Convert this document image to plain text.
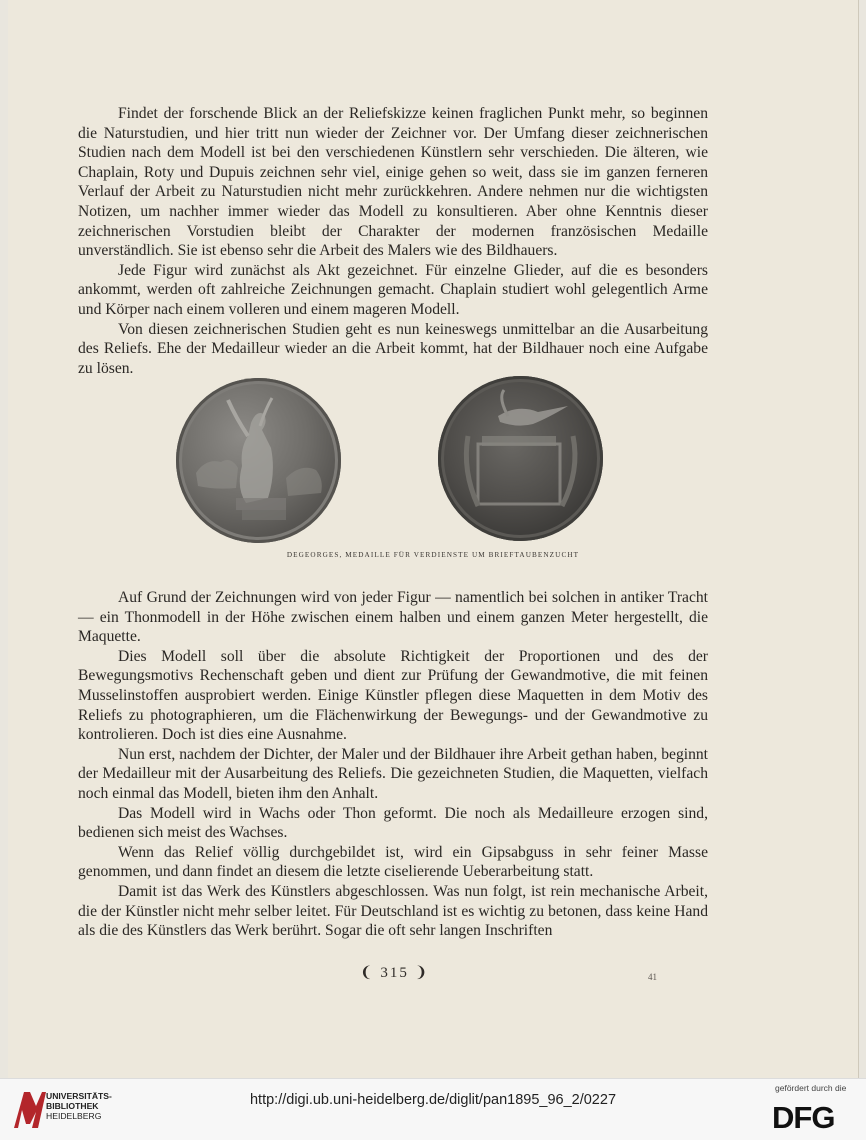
Findet der forschende Blick an der Reliefskizze keinen fraglichen Punkt mehr, so beginnen die Naturstudien, und hier tritt nun wieder der Zeichner vor. Der Umfang dieser zeichnerischen Studien nach dem Modell ist bei den verschiedenen Künstlern sehr verschieden. Die älteren, wie Chaplain, Roty und Dupuis zeichnen sehr viel, einige gehen so weit, dass sie im ganzen ferneren Verlauf der Arbeit zu Naturstudien nicht mehr zurückkehren. Andere nehmen nur die wichtigsten Notizen, um nachher immer wieder das Modell zu konsultieren. Aber ohne Kenntnis dieser zeichnerischen Vorstudien bleibt der Charakter der modernen französischen Medaille unverständlich. Sie ist ebenso sehr die Arbeit des Malers wie des Bildhauers.

Jede Figur wird zunächst als Akt gezeichnet. Für einzelne Glieder, auf die es besonders ankommt, werden oft zahlreiche Zeichnungen gemacht. Chaplain studiert wohl gelegentlich Arme und Körper nach einem volleren und einem mageren Modell.

Von diesen zeichnerischen Studien geht es nun keineswegs unmittelbar an die Ausarbeitung des Reliefs. Ehe der Medailleur wieder an die Arbeit kommt, hat der Bildhauer noch eine Aufgabe zu lösen.

DEGEORGES, MEDAILLE FÜR VERDIENSTE UM BRIEFTAUBENZUCHT

Auf Grund der Zeichnungen wird von jeder Figur — namentlich bei solchen in antiker Tracht — ein Thonmodell in der Höhe zwischen einem halben und einem ganzen Meter hergestellt, die Maquette.

Dies Modell soll über die absolute Richtigkeit der Proportionen und des der Bewegungsmotivs Rechenschaft geben und dient zur Prüfung der Gewandmotive, die mit feinen Musselinstoffen ausprobiert werden. Einige Künstler pflegen diese Maquetten in dem Motiv des Reliefs zu photographieren, um die Flächenwirkung der Bewegungs- und der Gewandmotive zu kontrolieren. Doch ist dies eine Ausnahme.

Nun erst, nachdem der Dichter, der Maler und der Bildhauer ihre Arbeit gethan haben, beginnt der Medailleur mit der Ausarbeitung des Reliefs. Die gezeichneten Studien, die Maquetten, vielfach noch einmal das Modell, bieten ihm den Anhalt.

Das Modell wird in Wachs oder Thon geformt. Die noch als Medailleure erzogen sind, bedienen sich meist des Wachses.

Wenn das Relief völlig durchgebildet ist, wird ein Gipsabguss in sehr feiner Masse genommen, und dann findet an diesem die letzte ciselierende Ueberarbeitung statt.

Damit ist das Werk des Künstlers abgeschlossen. Was nun folgt, ist rein mechanische Arbeit, die der Künstler nicht mehr selber leitet. Für Deutschland ist es wichtig zu betonen, dass keine Hand als die des Künstlers das Werk berührt. Sogar die oft sehr langen Inschriften

❨ 315 ❩	41
UNIVERSITÄTS-
BIBLIOTHEK
HEIDELBERG
http://digi.ub.uni-heidelberg.de/diglit/pan1895_96_2/0227
gefördert durch die
DFG
